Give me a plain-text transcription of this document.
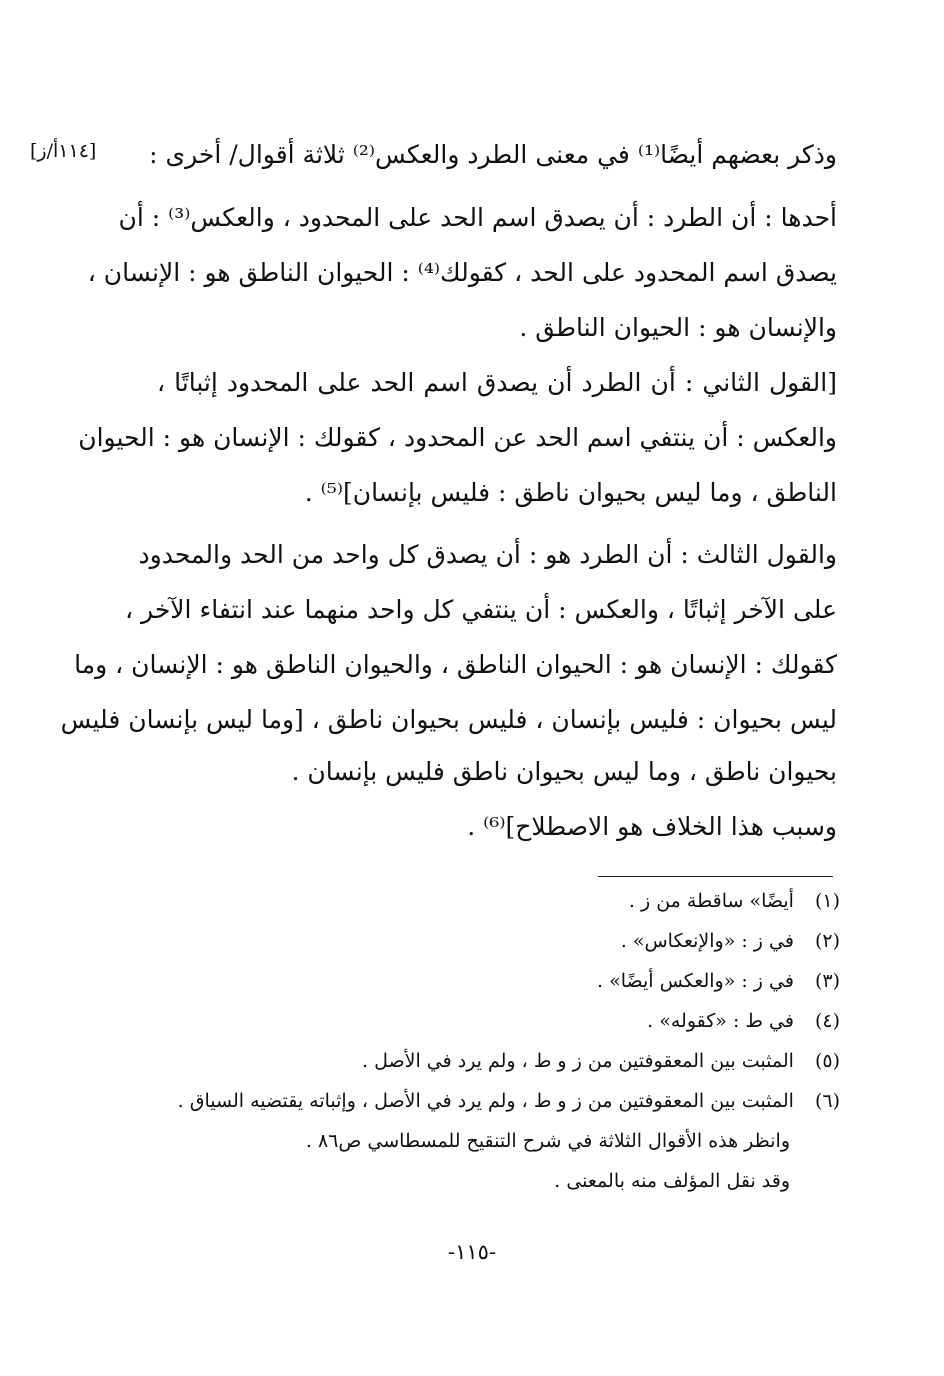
[١١٤أ/ز]	وذكر بعضهم أيضًا⁽¹⁾ في معنى الطرد والعكس⁽²⁾ ثلاثة أقوال/ أخرى :
أحدها : أن الطرد : أن يصدق اسم الحد على المحدود ، والعكس⁽³⁾ : أن
يصدق اسم المحدود على الحد ، كقولك⁽⁴⁾ : الحيوان الناطق هو : الإنسان ،
والإنسان هو : الحيوان الناطق .
[القول الثاني : أن الطرد أن يصدق اسم الحد على المحدود إثباتًا ،
والعكس : أن ينتفي اسم الحد عن المحدود ، كقولك : الإنسان هو : الحيوان
الناطق ، وما ليس بحيوان ناطق : فليس بإنسان]⁽⁵⁾ .
والقول الثالث : أن الطرد هو : أن يصدق كل واحد من الحد والمحدود
على الآخر إثباتًا ، والعكس : أن ينتفي كل واحد منهما عند انتفاء الآخر ،
كقولك : الإنسان هو : الحيوان الناطق ، والحيوان الناطق هو : الإنسان ، وما
ليس بحيوان : فليس بإنسان ، فليس بحيوان ناطق ، [وما ليس بإنسان فليس
بحيوان ناطق ، وما ليس بحيوان ناطق فليس بإنسان .
وسبب هذا الخلاف هو الاصطلاح]⁽⁶⁾ .
(١) أيضًا» ساقطة من ز .
(٢) في ز : «والإنعكاس» .
(٣) في ز : «والعكس أيضًا» .
(٤) في ط : «كقوله» .
(٥) المثبت بين المعقوفتين من ز و ط ، ولم يرد في الأصل .
(٦) المثبت بين المعقوفتين من ز و ط ، ولم يرد في الأصل ، وإثباته يقتضيه السياق .
وانظر هذه الأقوال الثلاثة في شرح التنقيح للمسطاسي ص٨٦ .
وقد نقل المؤلف منه بالمعنى .
-١١٥-
